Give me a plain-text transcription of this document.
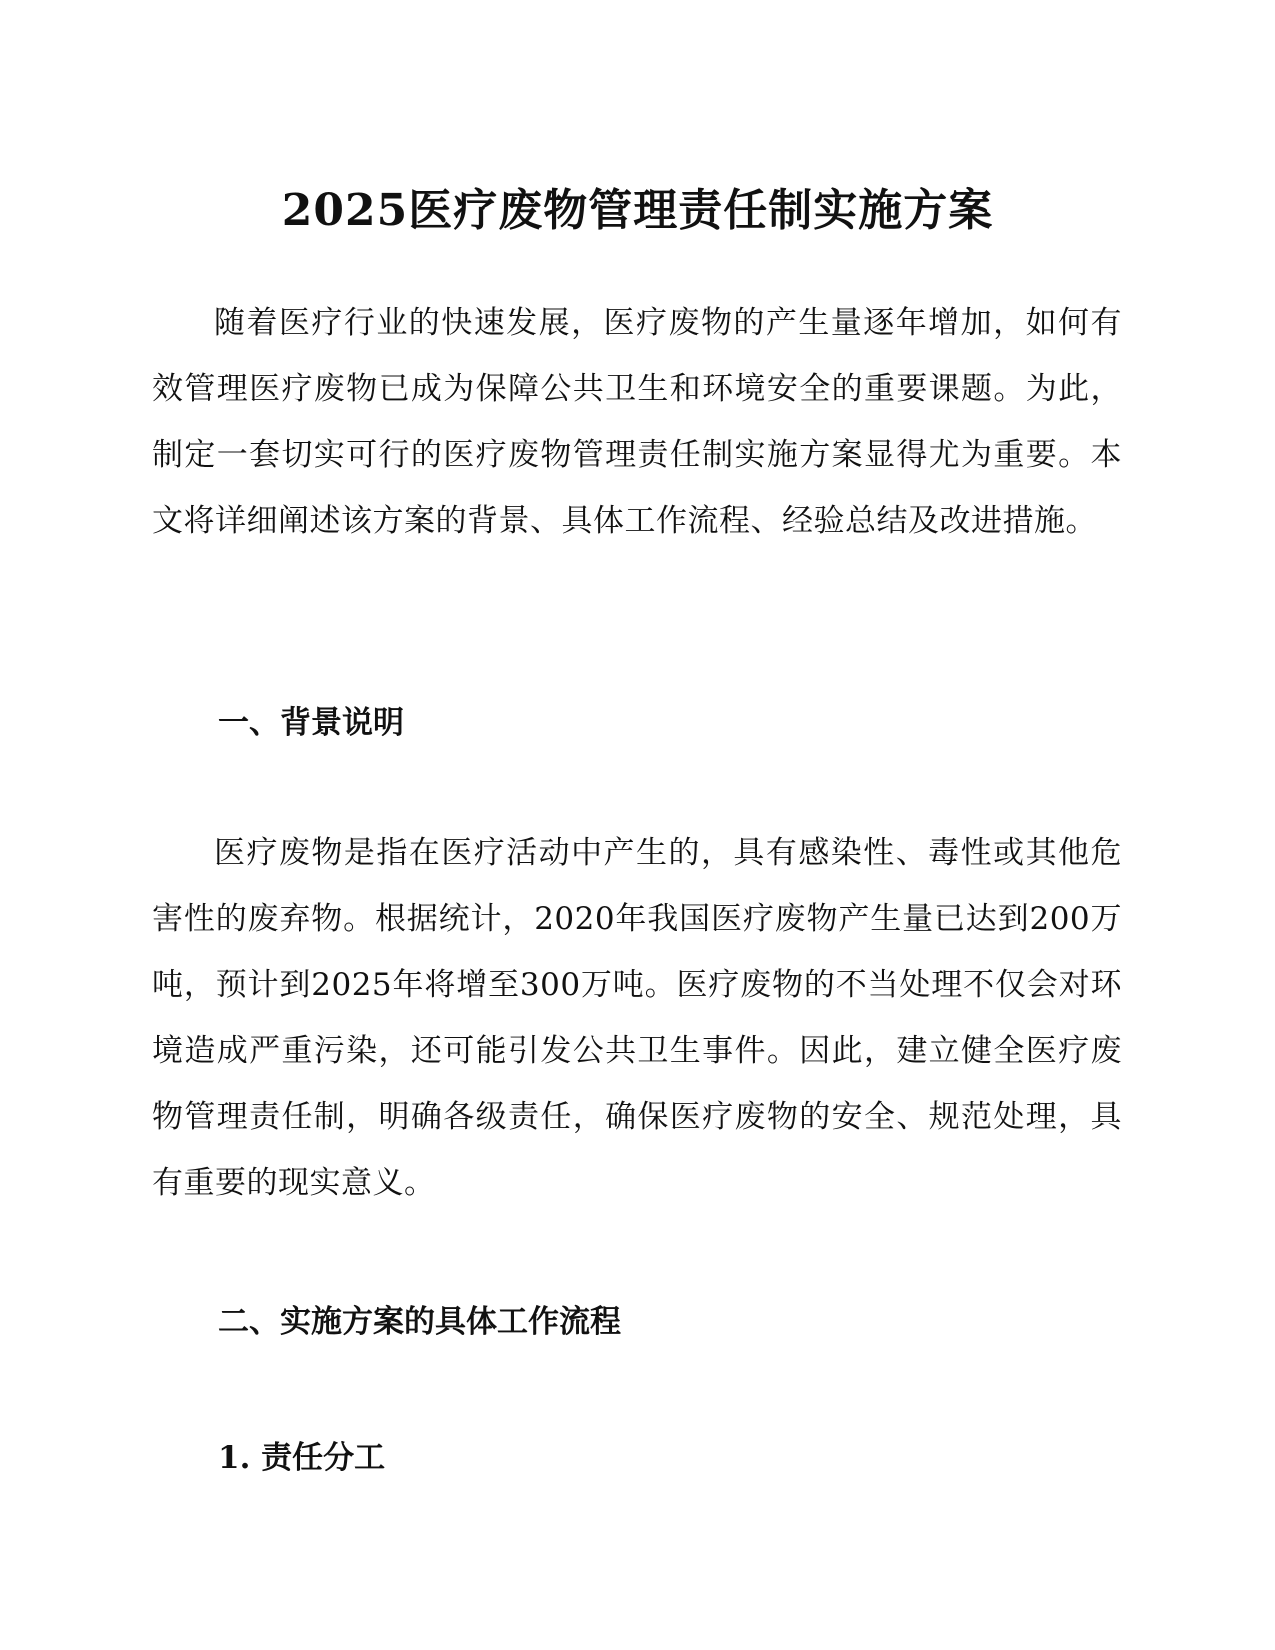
2025医疗废物管理责任制实施方案

随着医疗行业的快速发展，医疗废物的产生量逐年增加，如何有效管理医疗废物已成为保障公共卫生和环境安全的重要课题。为此，制定一套切实可行的医疗废物管理责任制实施方案显得尤为重要。本文将详细阐述该方案的背景、具体工作流程、经验总结及改进措施。

一、背景说明

医疗废物是指在医疗活动中产生的，具有感染性、毒性或其他危害性的废弃物。根据统计，2020年我国医疗废物产生量已达到200万吨，预计到2025年将增至300万吨。医疗废物的不当处理不仅会对环境造成严重污染，还可能引发公共卫生事件。因此，建立健全医疗废物管理责任制，明确各级责任，确保医疗废物的安全、规范处理，具有重要的现实意义。

二、实施方案的具体工作流程
1. 责任分工
